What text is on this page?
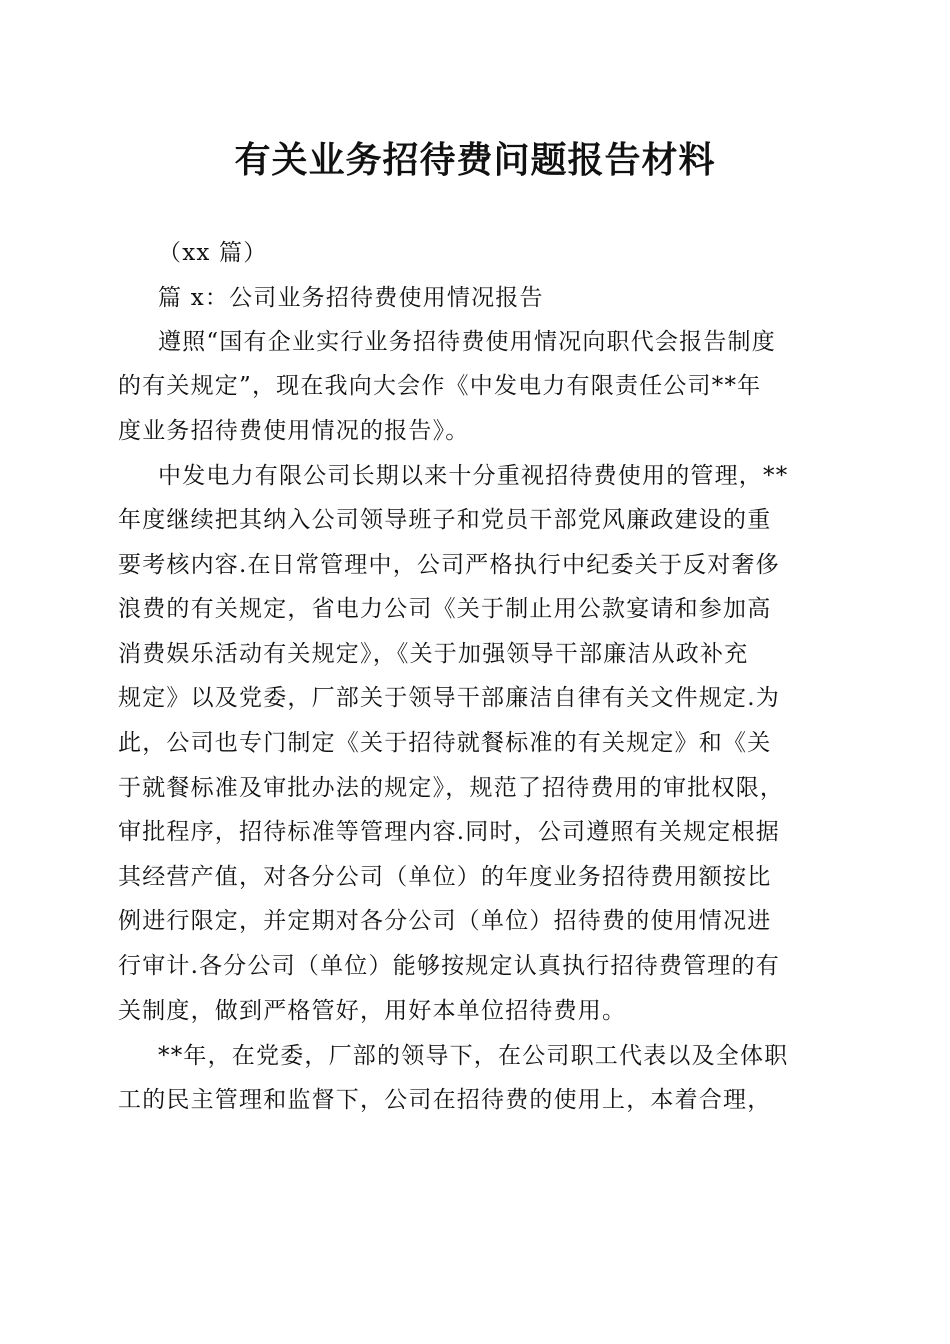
有关业务招待费问题报告材料

（xx 篇）

篇 x：公司业务招待费使用情况报告

遵照“国有企业实行业务招待费使用情况向职代会报告制度

的有关规定”，现在我向大会作《中发电力有限责任公司**年

度业务招待费使用情况的报告》。

中发电力有限公司长期以来十分重视招待费使用的管理，**

年度继续把其纳入公司领导班子和党员干部党风廉政建设的重

要考核内容.在日常管理中，公司严格执行中纪委关于反对奢侈

浪费的有关规定，省电力公司《关于制止用公款宴请和参加高

消费娱乐活动有关规定》，《关于加强领导干部廉洁从政补充

规定》以及党委，厂部关于领导干部廉洁自律有关文件规定.为

此，公司也专门制定《关于招待就餐标准的有关规定》和《关

于就餐标准及审批办法的规定》，规范了招待费用的审批权限，

审批程序，招待标准等管理内容.同时，公司遵照有关规定根据

其经营产值，对各分公司（单位）的年度业务招待费用额按比

例进行限定，并定期对各分公司（单位）招待费的使用情况进

行审计.各分公司（单位）能够按规定认真执行招待费管理的有

关制度，做到严格管好，用好本单位招待费用。

**年，在党委，厂部的领导下，在公司职工代表以及全体职

工的民主管理和监督下，公司在招待费的使用上，本着合理，
